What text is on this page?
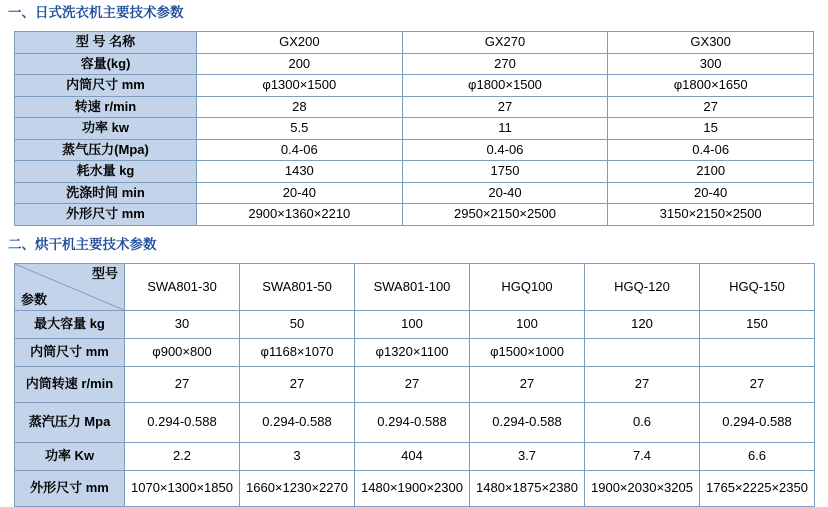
一、日式洗衣机主要技术参数
型 号 名称	GX200	GX270	GX300
容量(kg)	200	270	300
内筒尺寸 mm	φ1300×1500	φ1800×1500	φ1800×1650
转速 r/min	28	27	27
功率 kw	5.5	11	15
蒸气压力(Mpa)	0.4-06	0.4-06	0.4-06
耗水量 kg	1430	1750	2100
洗涤时间 min	20-40	20-40	20-40
外形尺寸 mm	2900×1360×2210	2950×2150×2500	3150×2150×2500
二、烘干机主要技术参数
型号
参数	SWA801-30	SWA801-50	SWA801-100	HGQ100	HGQ-120	HGQ-150
最大容量 kg	30	50	100	100	120	150
内筒尺寸 mm	φ900×800	φ1168×1070	φ1320×1100	φ1500×1000		
内筒转速 r/min	27	27	27	27	27	27
蒸汽压力 Mpa	0.294-0.588	0.294-0.588	0.294-0.588	0.294-0.588	0.6	0.294-0.588
功率 Kw	2.2	3	404	3.7	7.4	6.6
外形尺寸 mm	1070×1300×1850	1660×1230×2270	1480×1900×2300	1480×1875×2380	1900×2030×3205	1765×2225×2350
